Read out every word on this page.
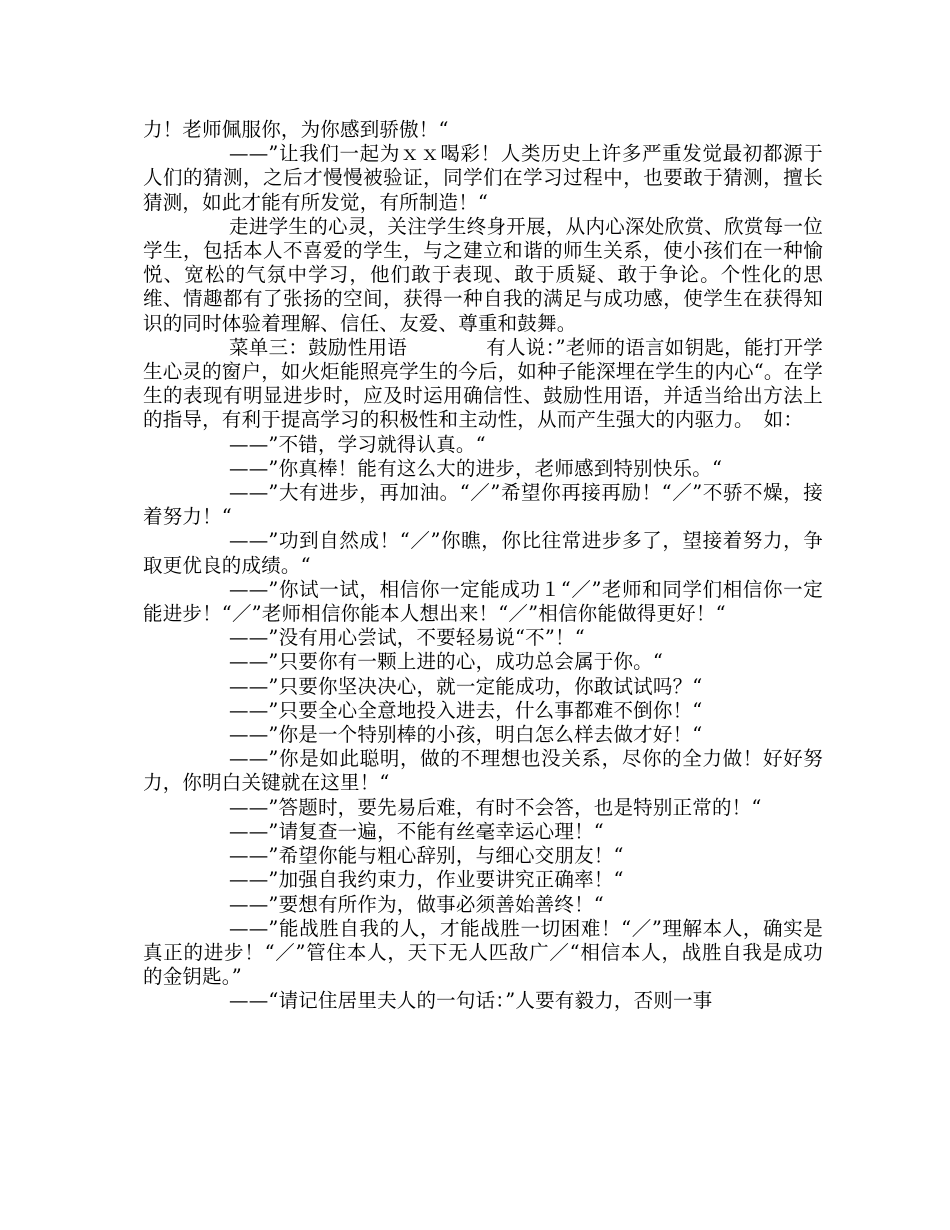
力！老师佩服你，为你感到骄傲！“

——”让我们一起为ｘｘ喝彩！人类历史上许多严重发觉最初都源于人们的猜测，之后才慢慢被验证，同学们在学习过程中，也要敢于猜测，擅长猜测，如此才能有所发觉，有所制造！“

走进学生的心灵，关注学生终身开展，从内心深处欣赏、欣赏每一位学生，包括本人不喜爱的学生，与之建立和谐的师生关系，使小孩们在一种愉悦、宽松的气氛中学习，他们敢于表现、敢于质疑、敢于争论。个性化的思维、情趣都有了张扬的空间，获得一种自我的满足与成功感，使学生在获得知识的同时体验着理解、信任、友爱、尊重和鼓舞。

菜单三：鼓励性用语　　　　有人说：”老师的语言如钥匙，能打开学生心灵的窗户，如火炬能照亮学生的今后，如种子能深埋在学生的内心“。在学生的表现有明显进步时，应及时运用确信性、鼓励性用语，并适当给出方法上的指导，有利于提高学习的积极性和主动性，从而产生强大的内驱力。　如：

——”不错，学习就得认真。“

——”你真棒！能有这么大的进步，老师感到特别快乐。“

——”大有进步，再加油。“／”希望你再接再励！“／”不骄不燥，接着努力！“

——”功到自然成！“／”你瞧，你比往常进步多了，望接着努力，争取更优良的成绩。“

——”你试一试，相信你一定能成功１“／”老师和同学们相信你一定能进步！“／”老师相信你能本人想出来！“／”相信你能做得更好！“

——”没有用心尝试，不要轻易说“不”！“

——”只要你有一颗上进的心，成功总会属于你。“

——”只要你坚决决心，就一定能成功，你敢试试吗？“

——”只要全心全意地投入进去，什么事都难不倒你！“

——”你是一个特别棒的小孩，明白怎么样去做才好！“

——”你是如此聪明，做的不理想也没关系，尽你的全力做！好好努力，你明白关键就在这里！“

——”答题时，要先易后难，有时不会答，也是特别正常的！“

——”请复查一遍，不能有丝毫幸运心理！“

——”希望你能与粗心辞别，与细心交朋友！“

——”加强自我约束力，作业要讲究正确率！“

——”要想有所作为，做事必须善始善终！“

——”能战胜自我的人，才能战胜一切困难！“／”理解本人，确实是真正的进步！“／”管住本人，天下无人匹敌广／“相信本人，战胜自我是成功的金钥匙。”

——“请记住居里夫人的一句话：”人要有毅力，否则一事
